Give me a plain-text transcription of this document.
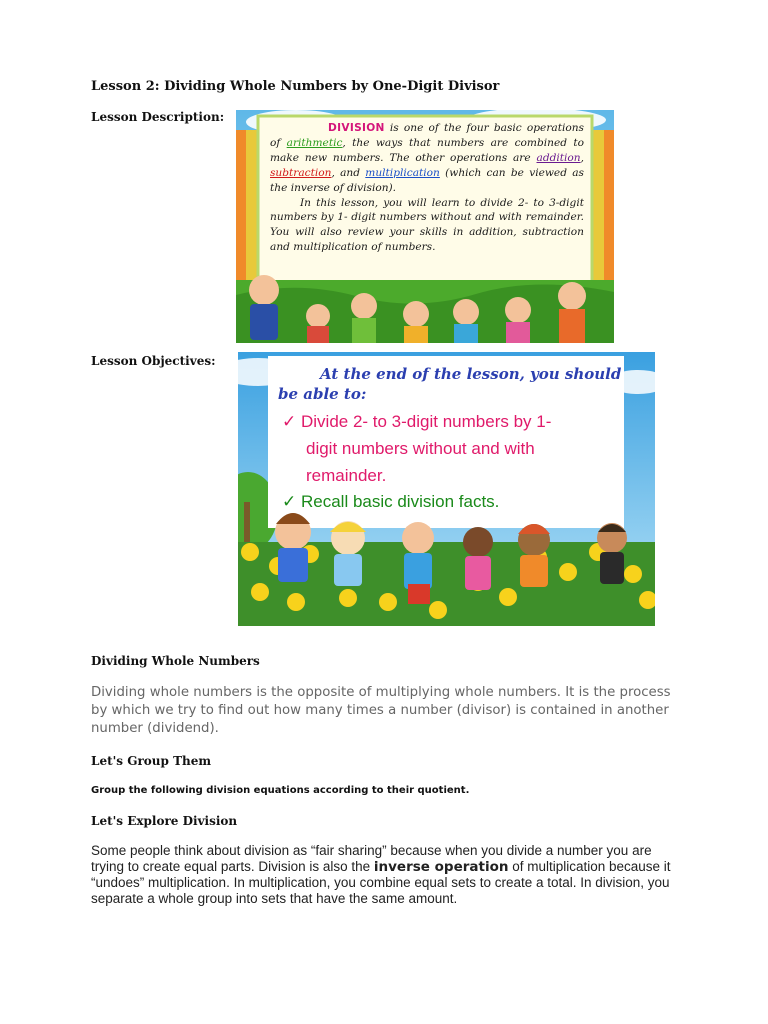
Lesson 2: Dividing Whole Numbers by One-Digit Divisor
Lesson Description:
DIVISION is one of the four basic operations of arithmetic, the ways that numbers are combined to make new numbers. The other operations are addition, subtraction, and multiplication (which can be viewed as the inverse of division).
In this lesson, you will learn to divide 2- to 3-digit numbers by 1- digit numbers without and with remainder. You will also review your skills in addition, subtraction and multiplication of numbers.
Lesson Objectives:
At the end of the lesson, you should
be able to:
✓ Divide 2- to 3-digit numbers by 1-
digit numbers without and with
remainder.
✓ Recall basic division facts.
Dividing Whole Numbers
Dividing whole numbers is the opposite of multiplying whole numbers. It is the process by which we try to find out how many times a number (divisor) is contained in another number (dividend).
Let's Group Them
Group the following division equations according to their quotient.
Let's Explore Division
Some people think about division as “fair sharing” because when you divide a number you are trying to create equal parts. Division is also the inverse operation of multiplication because it “undoes” multiplication. In multiplication, you combine equal sets to create a total. In division, you separate a whole group into sets that have the same amount.
